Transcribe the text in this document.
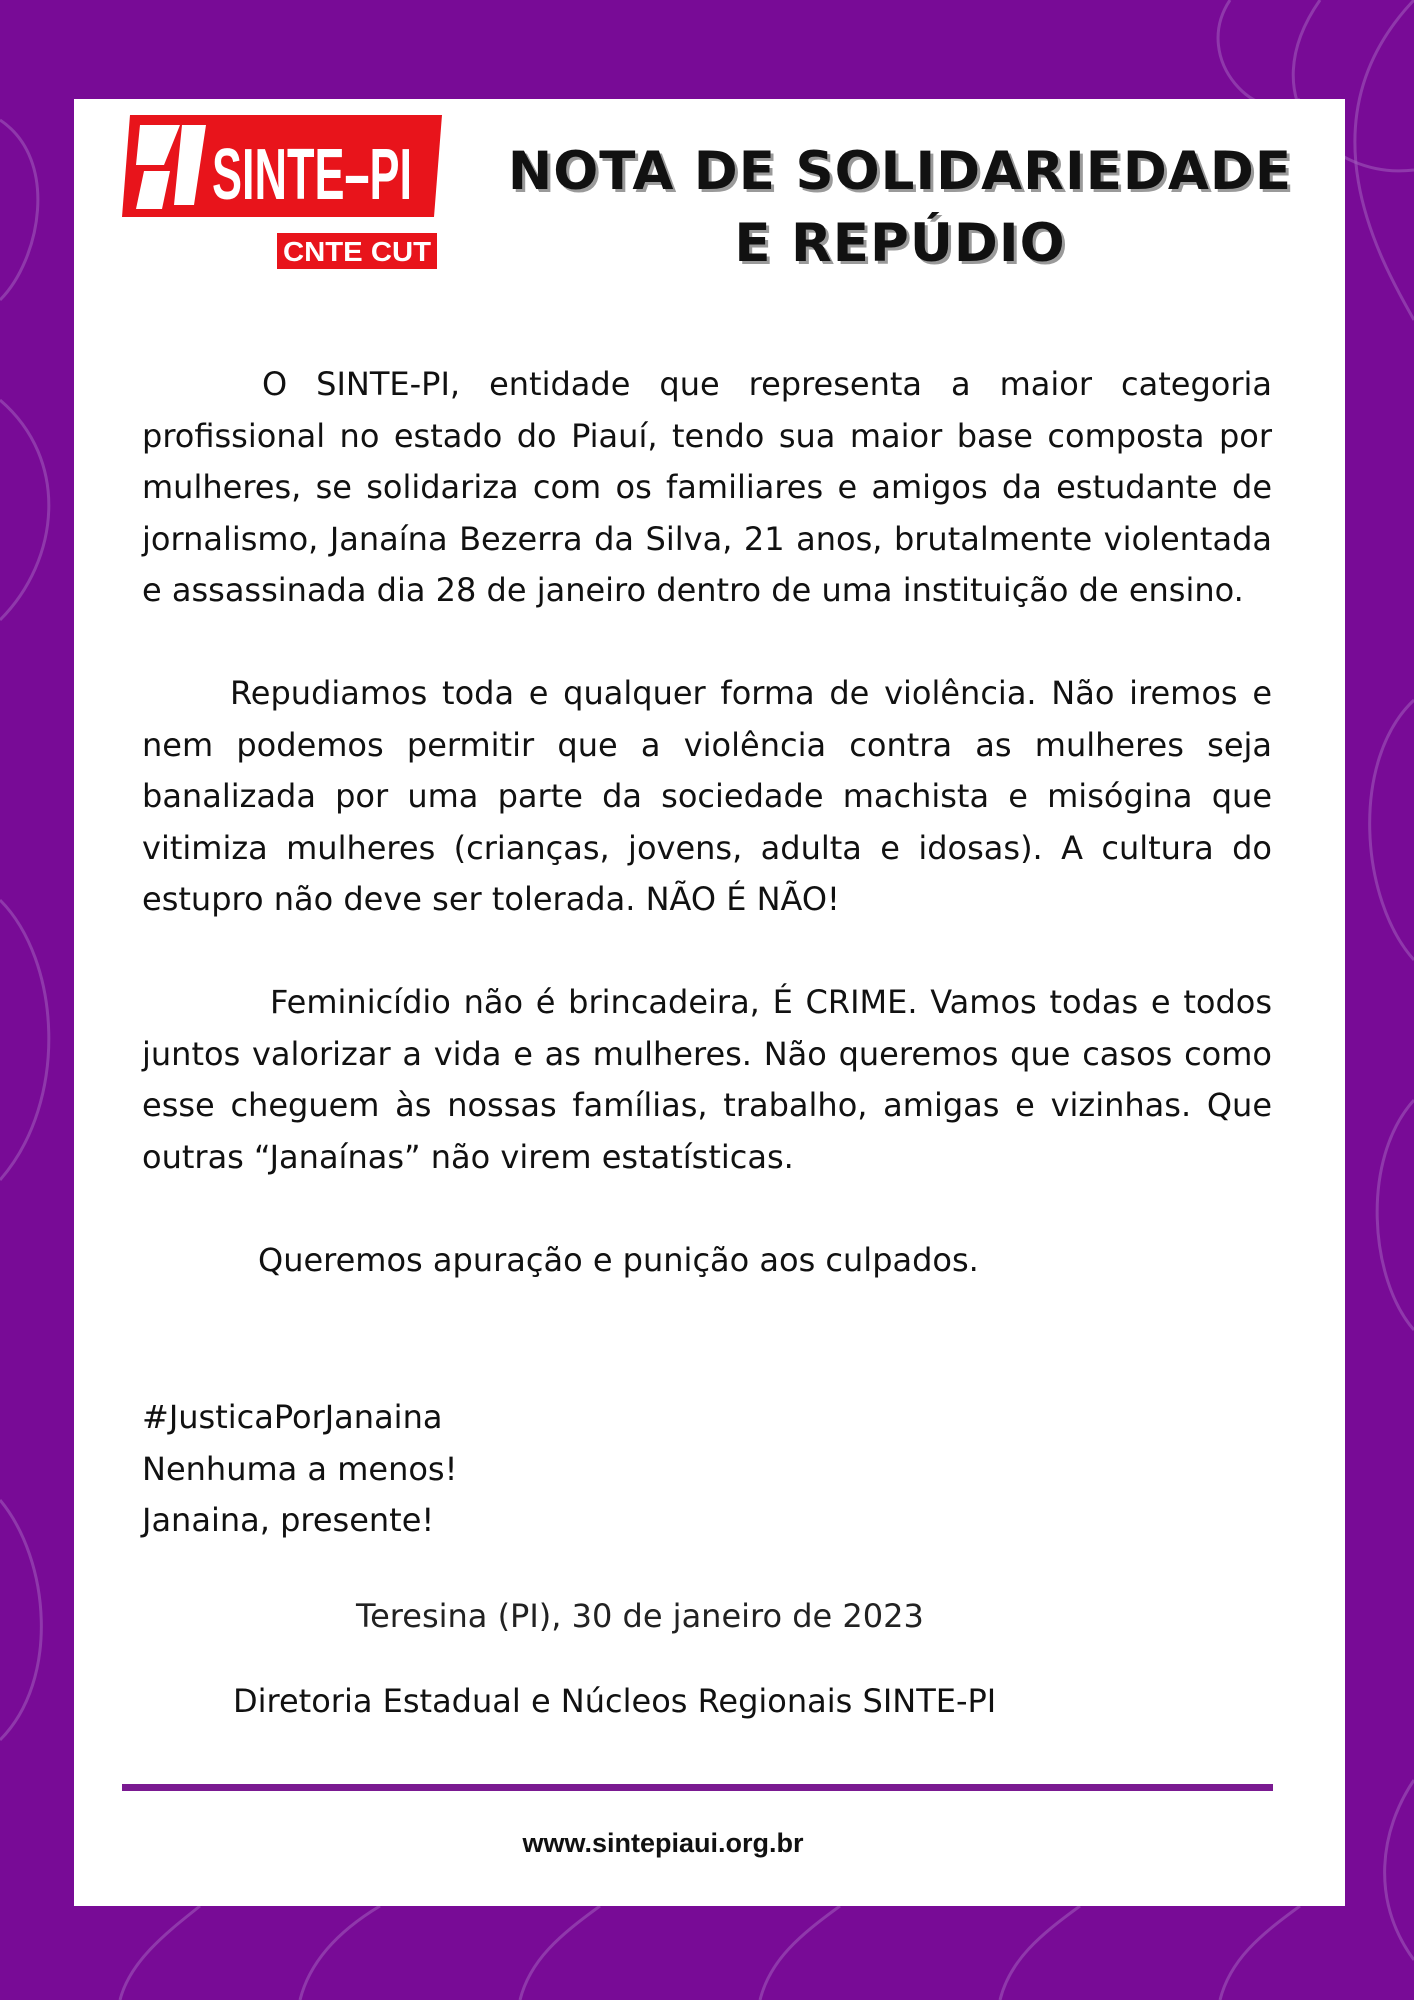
SINTE–PI
CNTE CUT
NOTA DE SOLIDARIEDADE
E REPÚDIO

O SINTE-PI, entidade que representa a maior categoria profissional no estado do Piauí, tendo sua maior base composta por mulheres, se solidariza com os familiares e amigos da estudante de jornalismo, Janaína Bezerra da Silva, 21 anos, brutalmente violentada e assassinada dia 28 de janeiro dentro de uma instituição de ensino.

Repudiamos toda e qualquer forma de violência. Não iremos e nem podemos permitir que a violência contra as mulheres seja banalizada por uma parte da sociedade machista e misógina que vitimiza mulheres (crianças, jovens, adulta e idosas). A cultura do estupro não deve ser tolerada. NÃO É NÃO!

Feminicídio não é brincadeira, É CRIME. Vamos todas e todos juntos valorizar a vida e as mulheres. Não queremos que casos como esse cheguem às nossas famílias, trabalho, amigas e vizinhas. Que outras “Janaínas” não virem estatísticas.

Queremos apuração e punição aos culpados.

#JusticaPorJanaina
Nenhuma a menos!
Janaina, presente!

Teresina (PI), 30 de janeiro de 2023

Diretoria Estadual e Núcleos Regionais SINTE-PI

www.sintepiaui.org.br
